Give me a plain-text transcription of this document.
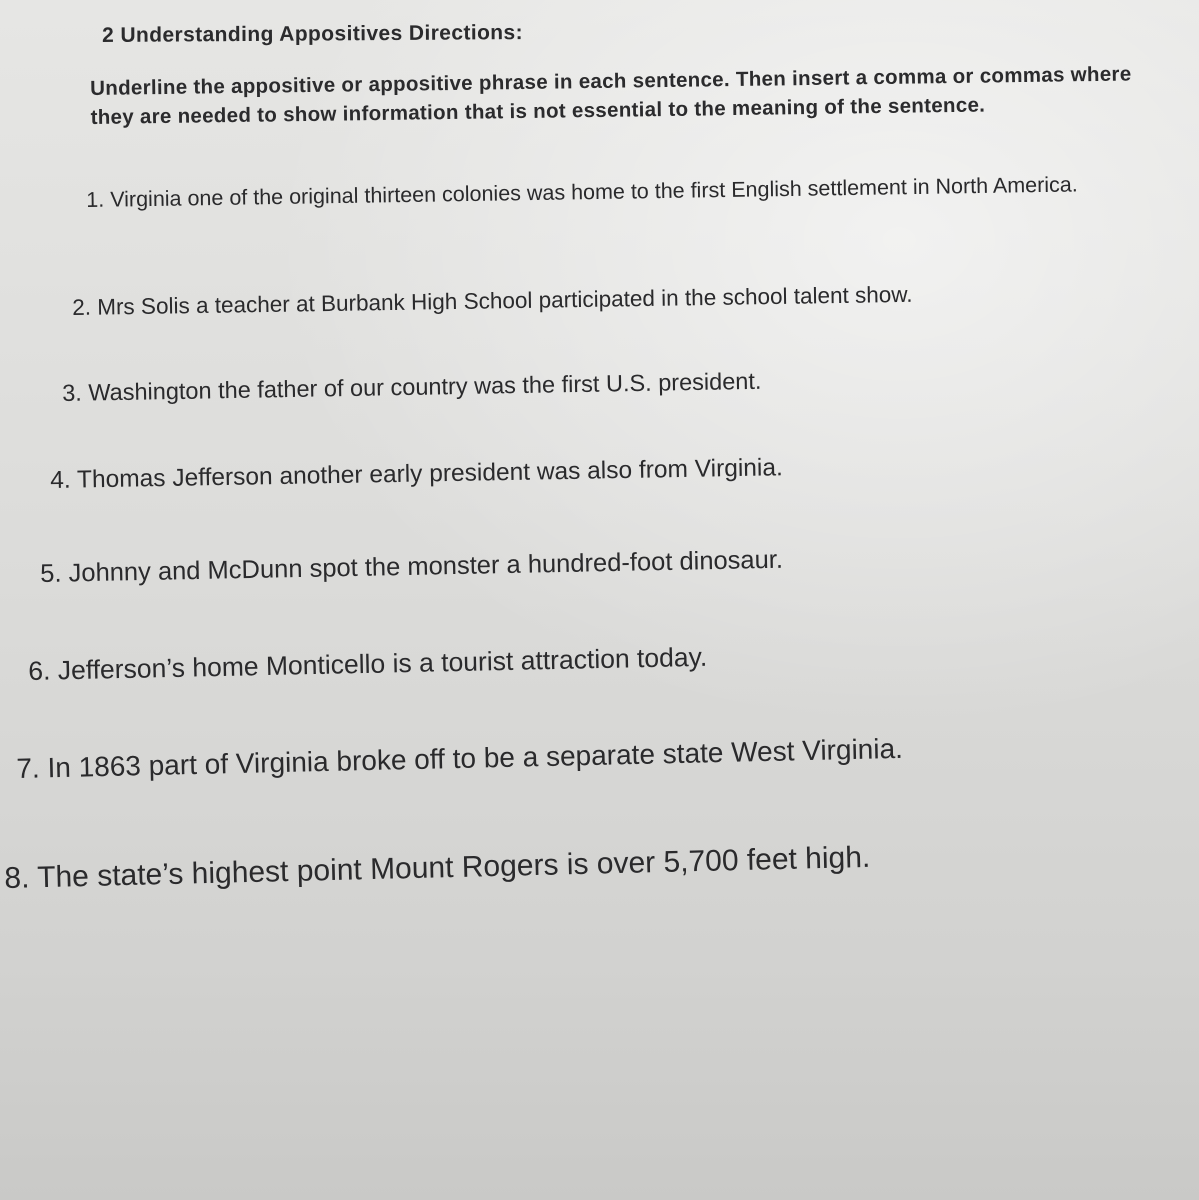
2 Understanding Appositives Directions:
Underline the appositive or appositive phrase in each sentence. Then insert a comma or commas where they are needed to show information that is not essential to the meaning of the sentence.
1. Virginia one of the original thirteen colonies was home to the first English settlement in North America.
2. Mrs Solis a teacher at Burbank High School participated in the school talent show.
3. Washington the father of our country was the first U.S. president.
4. Thomas Jefferson another early president was also from Virginia.
5. Johnny and McDunn spot the monster a hundred-foot dinosaur.
6. Jefferson’s home Monticello is a tourist attraction today.
7. In 1863 part of Virginia broke off to be a separate state West Virginia.
8. The state’s highest point Mount Rogers is over 5,700 feet high.
